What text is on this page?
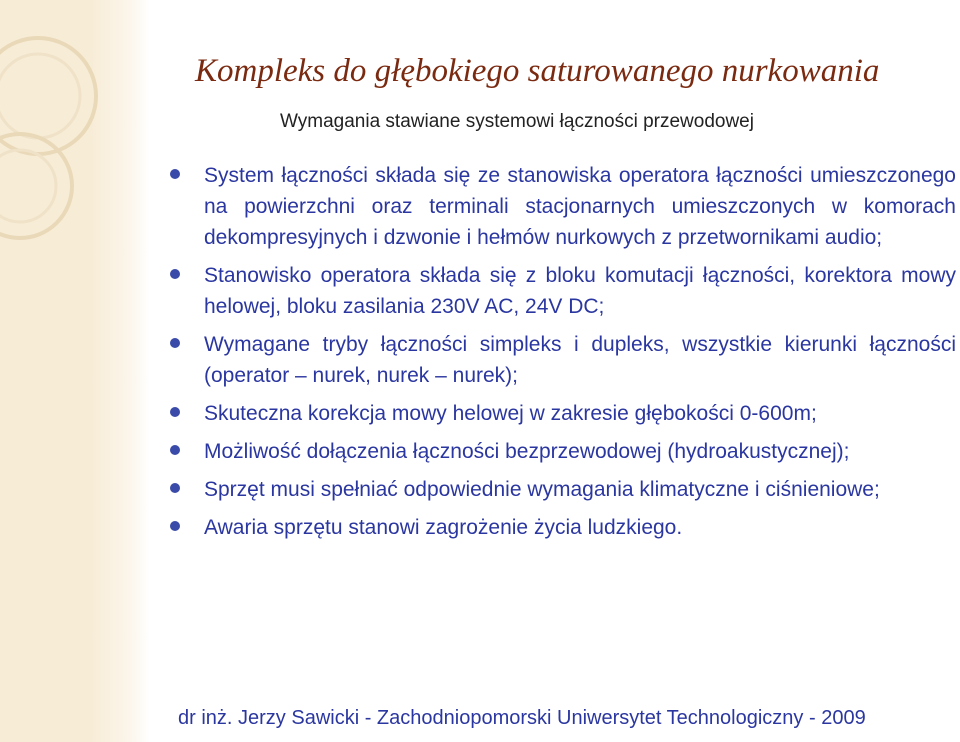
Kompleks do głębokiego saturowanego nurkowania
Wymagania stawiane systemowi łączności przewodowej
System łączności składa się ze stanowiska operatora łączności umieszczonego na powierzchni oraz terminali stacjonarnych umieszczonych w komorach dekompresyjnych i dzwonie i hełmów nurkowych z przetwornikami audio;
Stanowisko operatora składa się z bloku komutacji łączności, korektora mowy helowej, bloku zasilania 230V AC, 24V DC;
Wymagane tryby łączności simpleks i dupleks, wszystkie kierunki łączności (operator – nurek, nurek – nurek);
Skuteczna korekcja mowy helowej w zakresie głębokości 0-600m;
Możliwość dołączenia łączności bezprzewodowej (hydroakustycznej);
Sprzęt musi spełniać odpowiednie wymagania klimatyczne i ciśnieniowe;
Awaria sprzętu stanowi zagrożenie życia ludzkiego.
dr inż. Jerzy Sawicki - Zachodniopomorski Uniwersytet Technologiczny - 2009
